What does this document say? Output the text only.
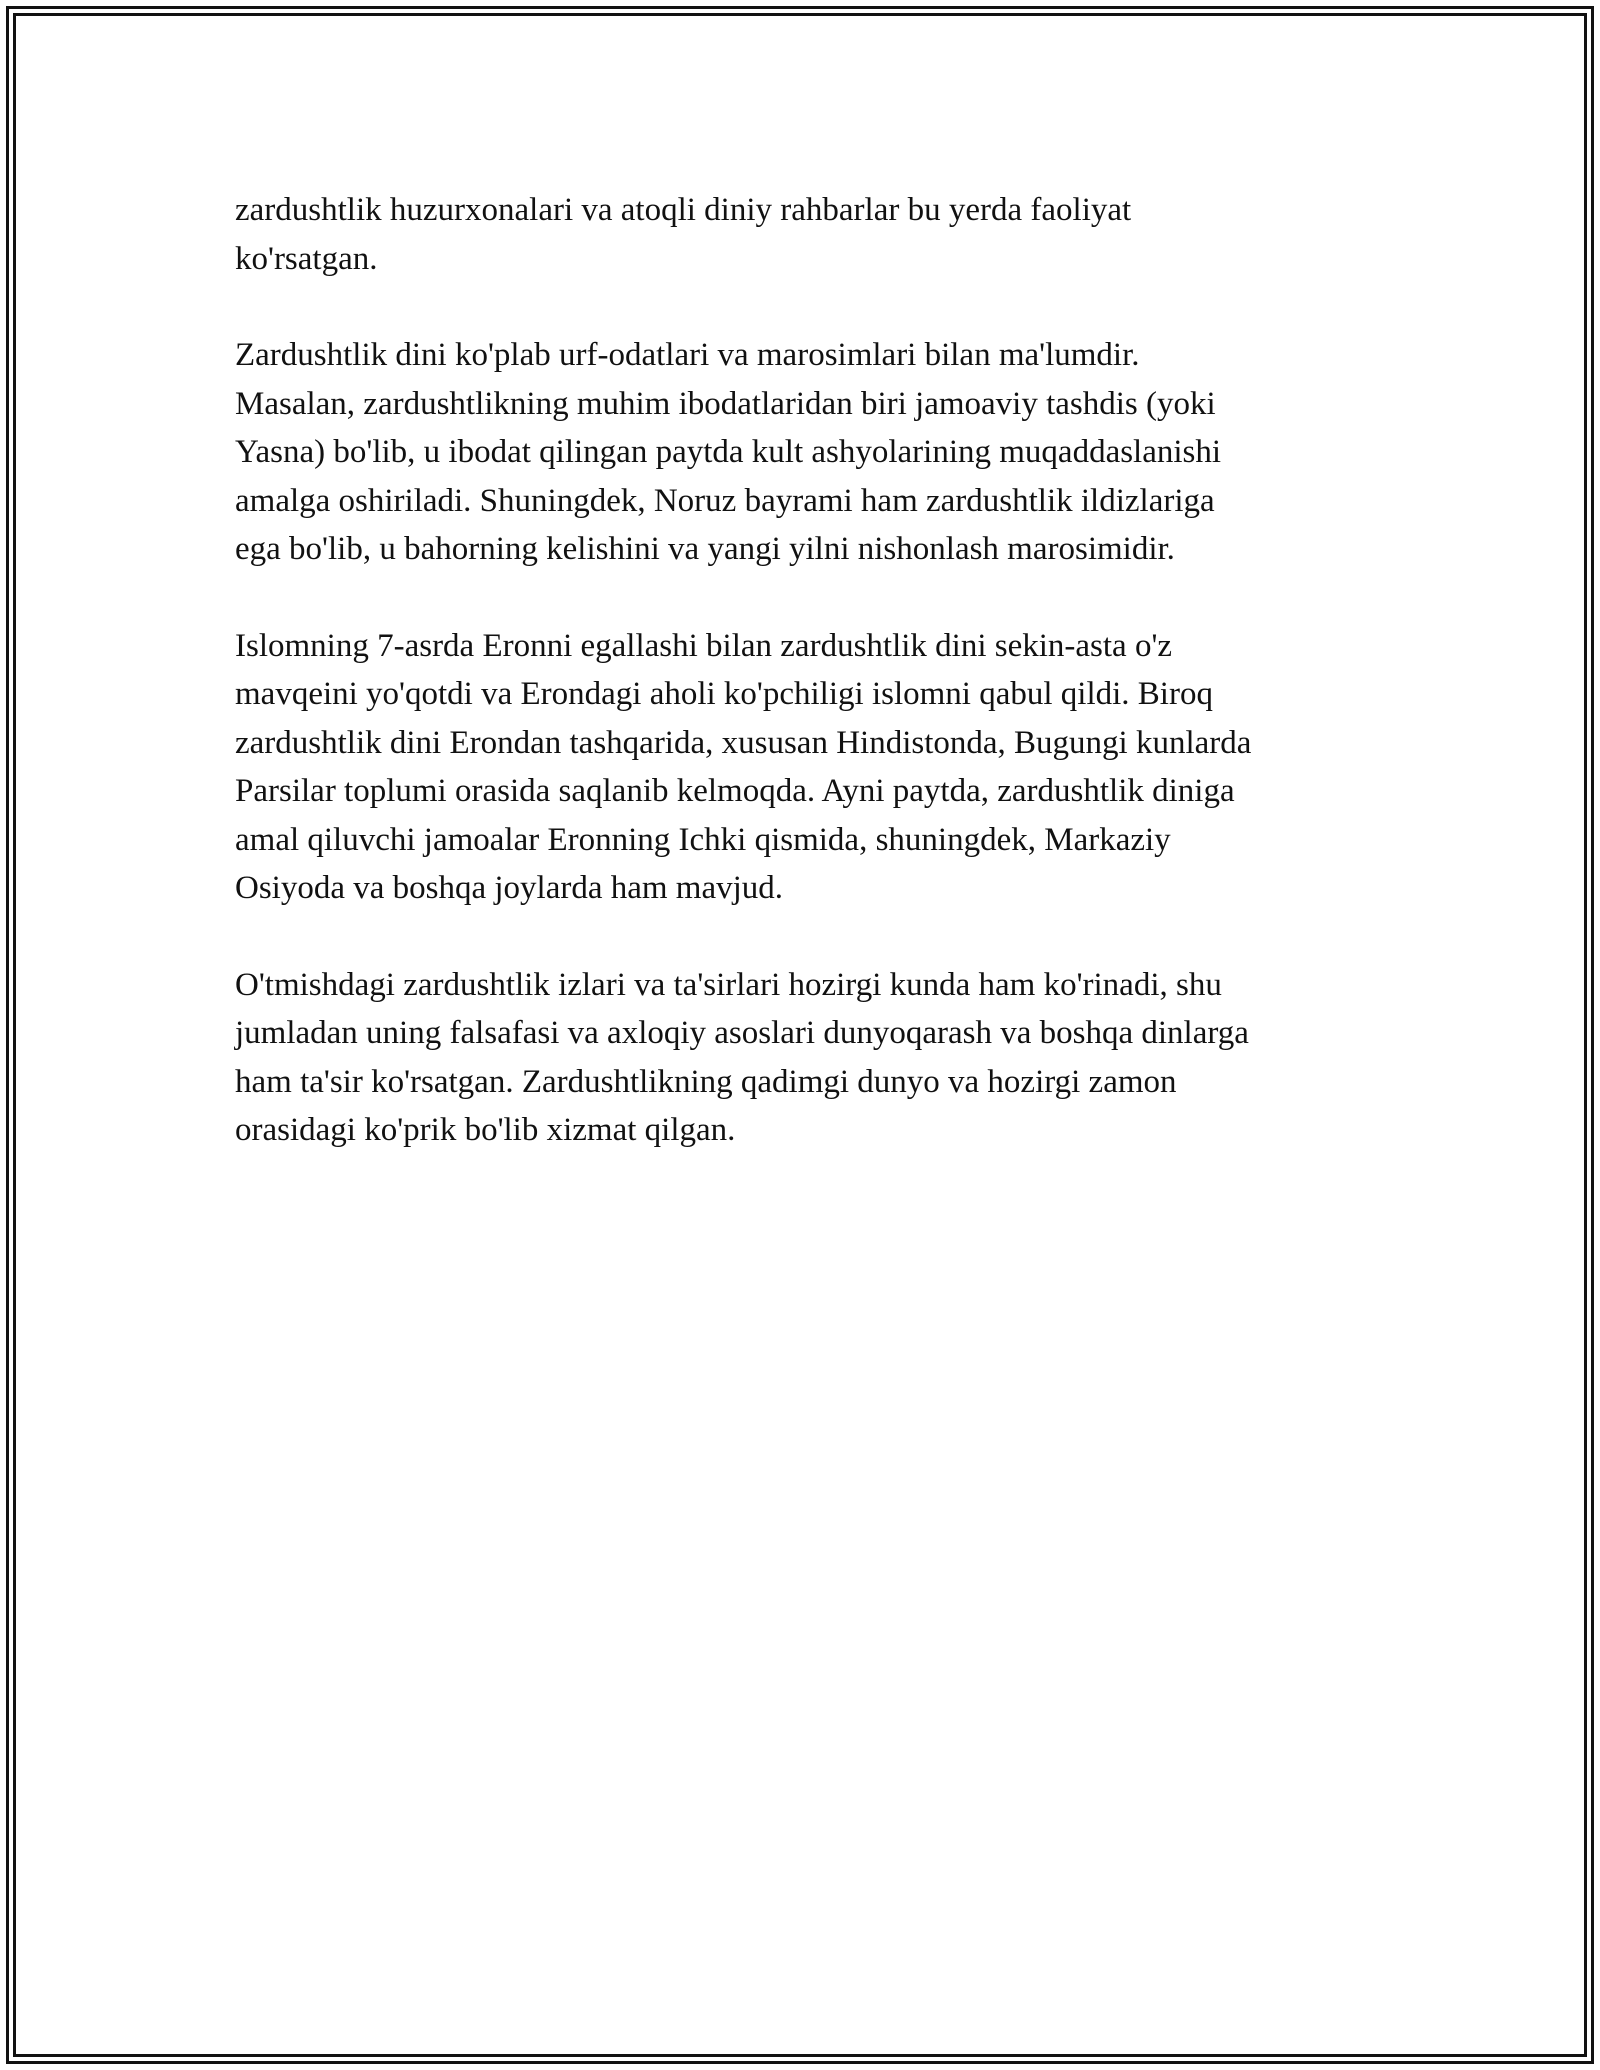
zardushtlik huzurxonalari va atoqli diniy rahbarlar bu yerda faoliyat
ko'rsatgan.

Zardushtlik dini ko'plab urf-odatlari va marosimlari bilan ma'lumdir.
Masalan, zardushtlikning muhim ibodatlaridan biri jamoaviy tashdis (yoki
Yasna) bo'lib, u ibodat qilingan paytda kult ashyolarining muqaddaslanishi
amalga oshiriladi. Shuningdek, Noruz bayrami ham zardushtlik ildizlariga
ega bo'lib, u bahorning kelishini va yangi yilni nishonlash marosimidir.

Islomning 7-asrda Eronni egallashi bilan zardushtlik dini sekin-asta o'z
mavqeini yo'qotdi va Erondagi aholi ko'pchiligi islomni qabul qildi. Biroq
zardushtlik dini Erondan tashqarida, xususan Hindistonda, Bugungi kunlarda
Parsilar toplumi orasida saqlanib kelmoqda. Ayni paytda, zardushtlik diniga
amal qiluvchi jamoalar Eronning Ichki qismida, shuningdek, Markaziy
Osiyoda va boshqa joylarda ham mavjud.

O'tmishdagi zardushtlik izlari va ta'sirlari hozirgi kunda ham ko'rinadi, shu
jumladan uning falsafasi va axloqiy asoslari dunyoqarash va boshqa dinlarga
ham ta'sir ko'rsatgan. Zardushtlikning qadimgi dunyo va hozirgi zamon
orasidagi ko'prik bo'lib xizmat qilgan.
